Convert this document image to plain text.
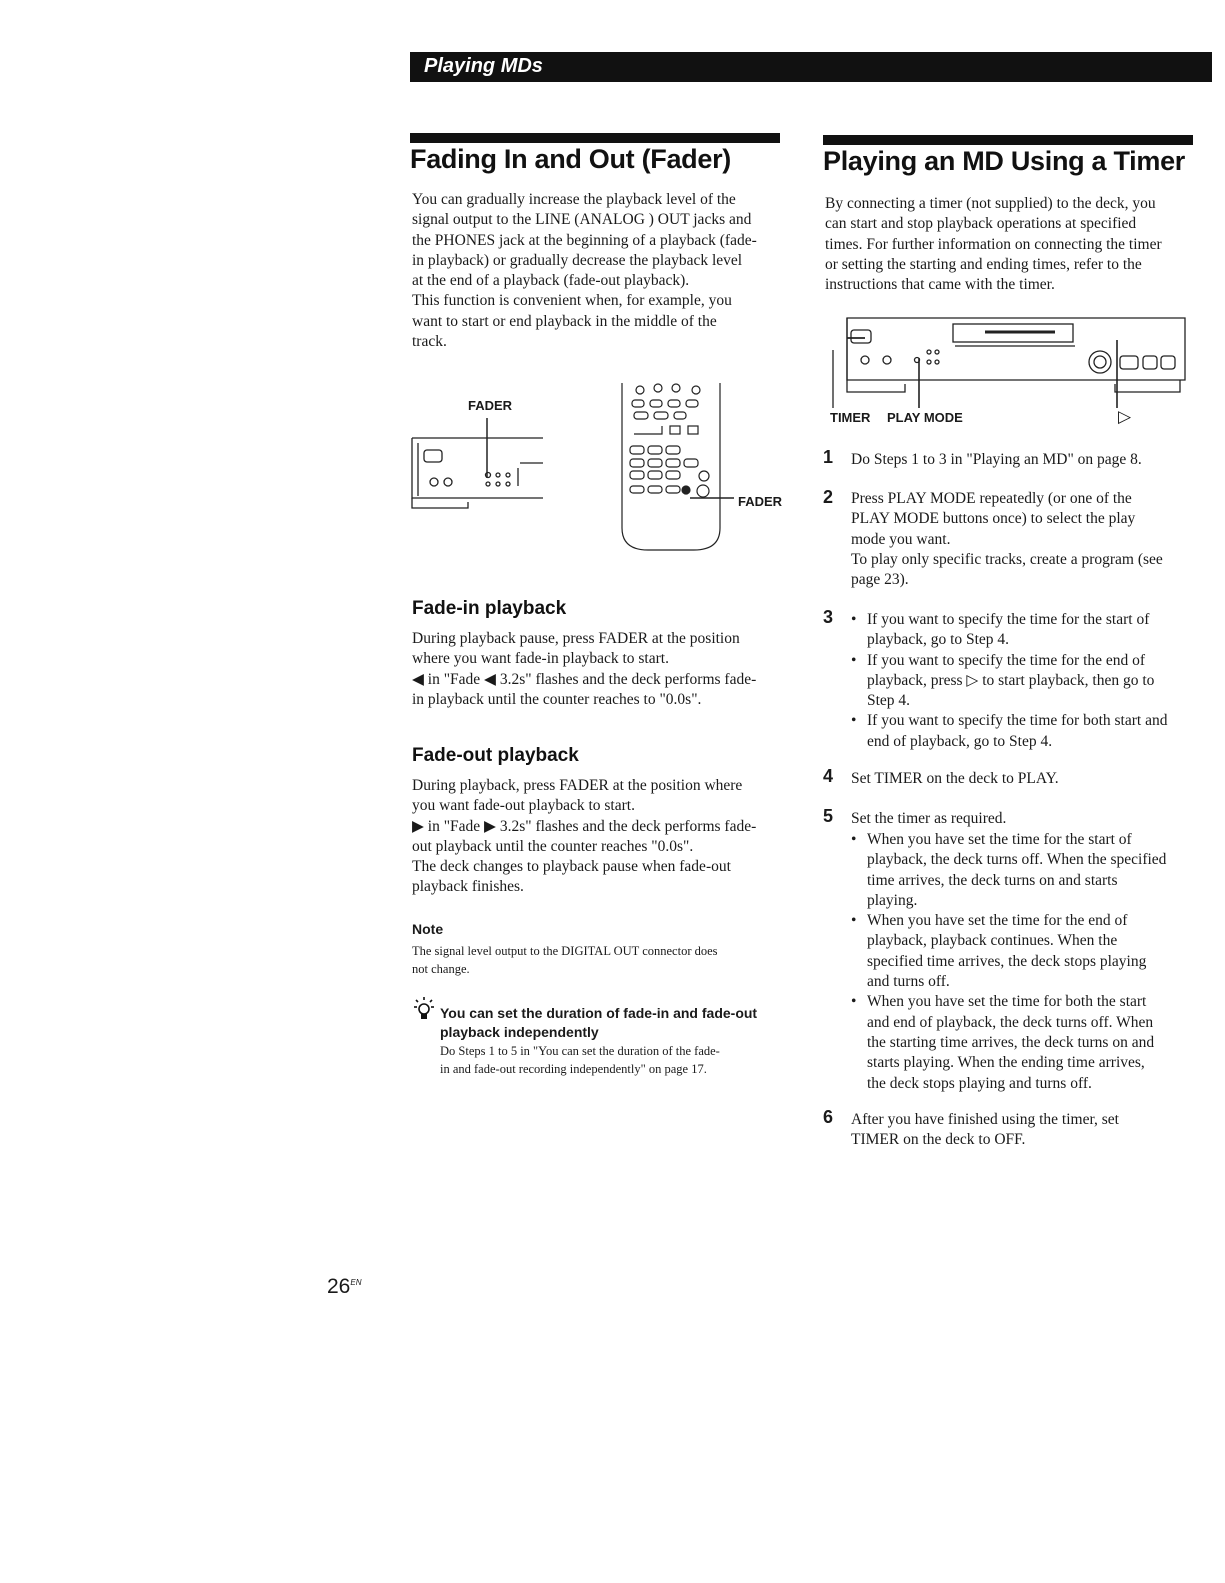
Playing MDs
Fading In and Out (Fader)
You can gradually increase the playback level of the
signal output to the LINE (ANALOG ) OUT jacks and
the PHONES jack at the beginning of a playback (fade-
in playback) or gradually decrease the playback level
at the end of a playback (fade-out playback).
This function is convenient when, for example, you
want to start or end playback in the middle of the
track.
FADER
FADER
Fade-in playback
During playback pause, press FADER at the position
where you want fade-in playback to start.
◀ in "Fade ◀ 3.2s" flashes and the deck performs fade-
in playback until the counter reaches to "0.0s".
Fade-out playback
During playback, press FADER at the position where
you want fade-out playback to start.
▶ in "Fade ▶ 3.2s" flashes and the deck performs fade-
out playback until the counter reaches "0.0s".
The deck changes to playback pause when fade-out
playback finishes.
Note
The signal level output to the DIGITAL OUT connector does
not change.
You can set the duration of fade-in and fade-out
playback independently
Do Steps 1 to 5 in "You can set the duration of the fade-
in and fade-out recording independently" on page 17.
$26^{EN}$
Playing an MD Using a Timer
By connecting a timer (not supplied) to the deck, you
can start and stop playback operations at specified
times. For further information on connecting the timer
or setting the starting and ending times, refer to the
instructions that came with the timer.
TIMER PLAY MODE	▷
1 Do Steps 1 to 3 in "Playing an MD" on page 8.
2 Press PLAY MODE repeatedly (or one of the
PLAY MODE buttons once) to select the play
mode you want.
To play only specific tracks, create a program (see
page 23).
3
• If you want to specify the time for the start of
playback, go to Step 4.
• If you want to specify the time for the end of
playback, press ▷ to start playback, then go to
Step 4.
• If you want to specify the time for both start and
end of playback, go to Step 4.
4 Set TIMER on the deck to PLAY.
5 Set the timer as required.
• When you have set the time for the start of
playback, the deck turns off. When the specified
time arrives, the deck turns on and starts
playing.
• When you have set the time for the end of
playback, playback continues. When the
specified time arrives, the deck stops playing
and turns off.
• When you have set the time for both the start
and end of playback, the deck turns off. When
the starting time arrives, the deck turns on and
starts playing. When the ending time arrives,
the deck stops playing and turns off.
6 After you have finished using the timer, set
TIMER on the deck to OFF.
